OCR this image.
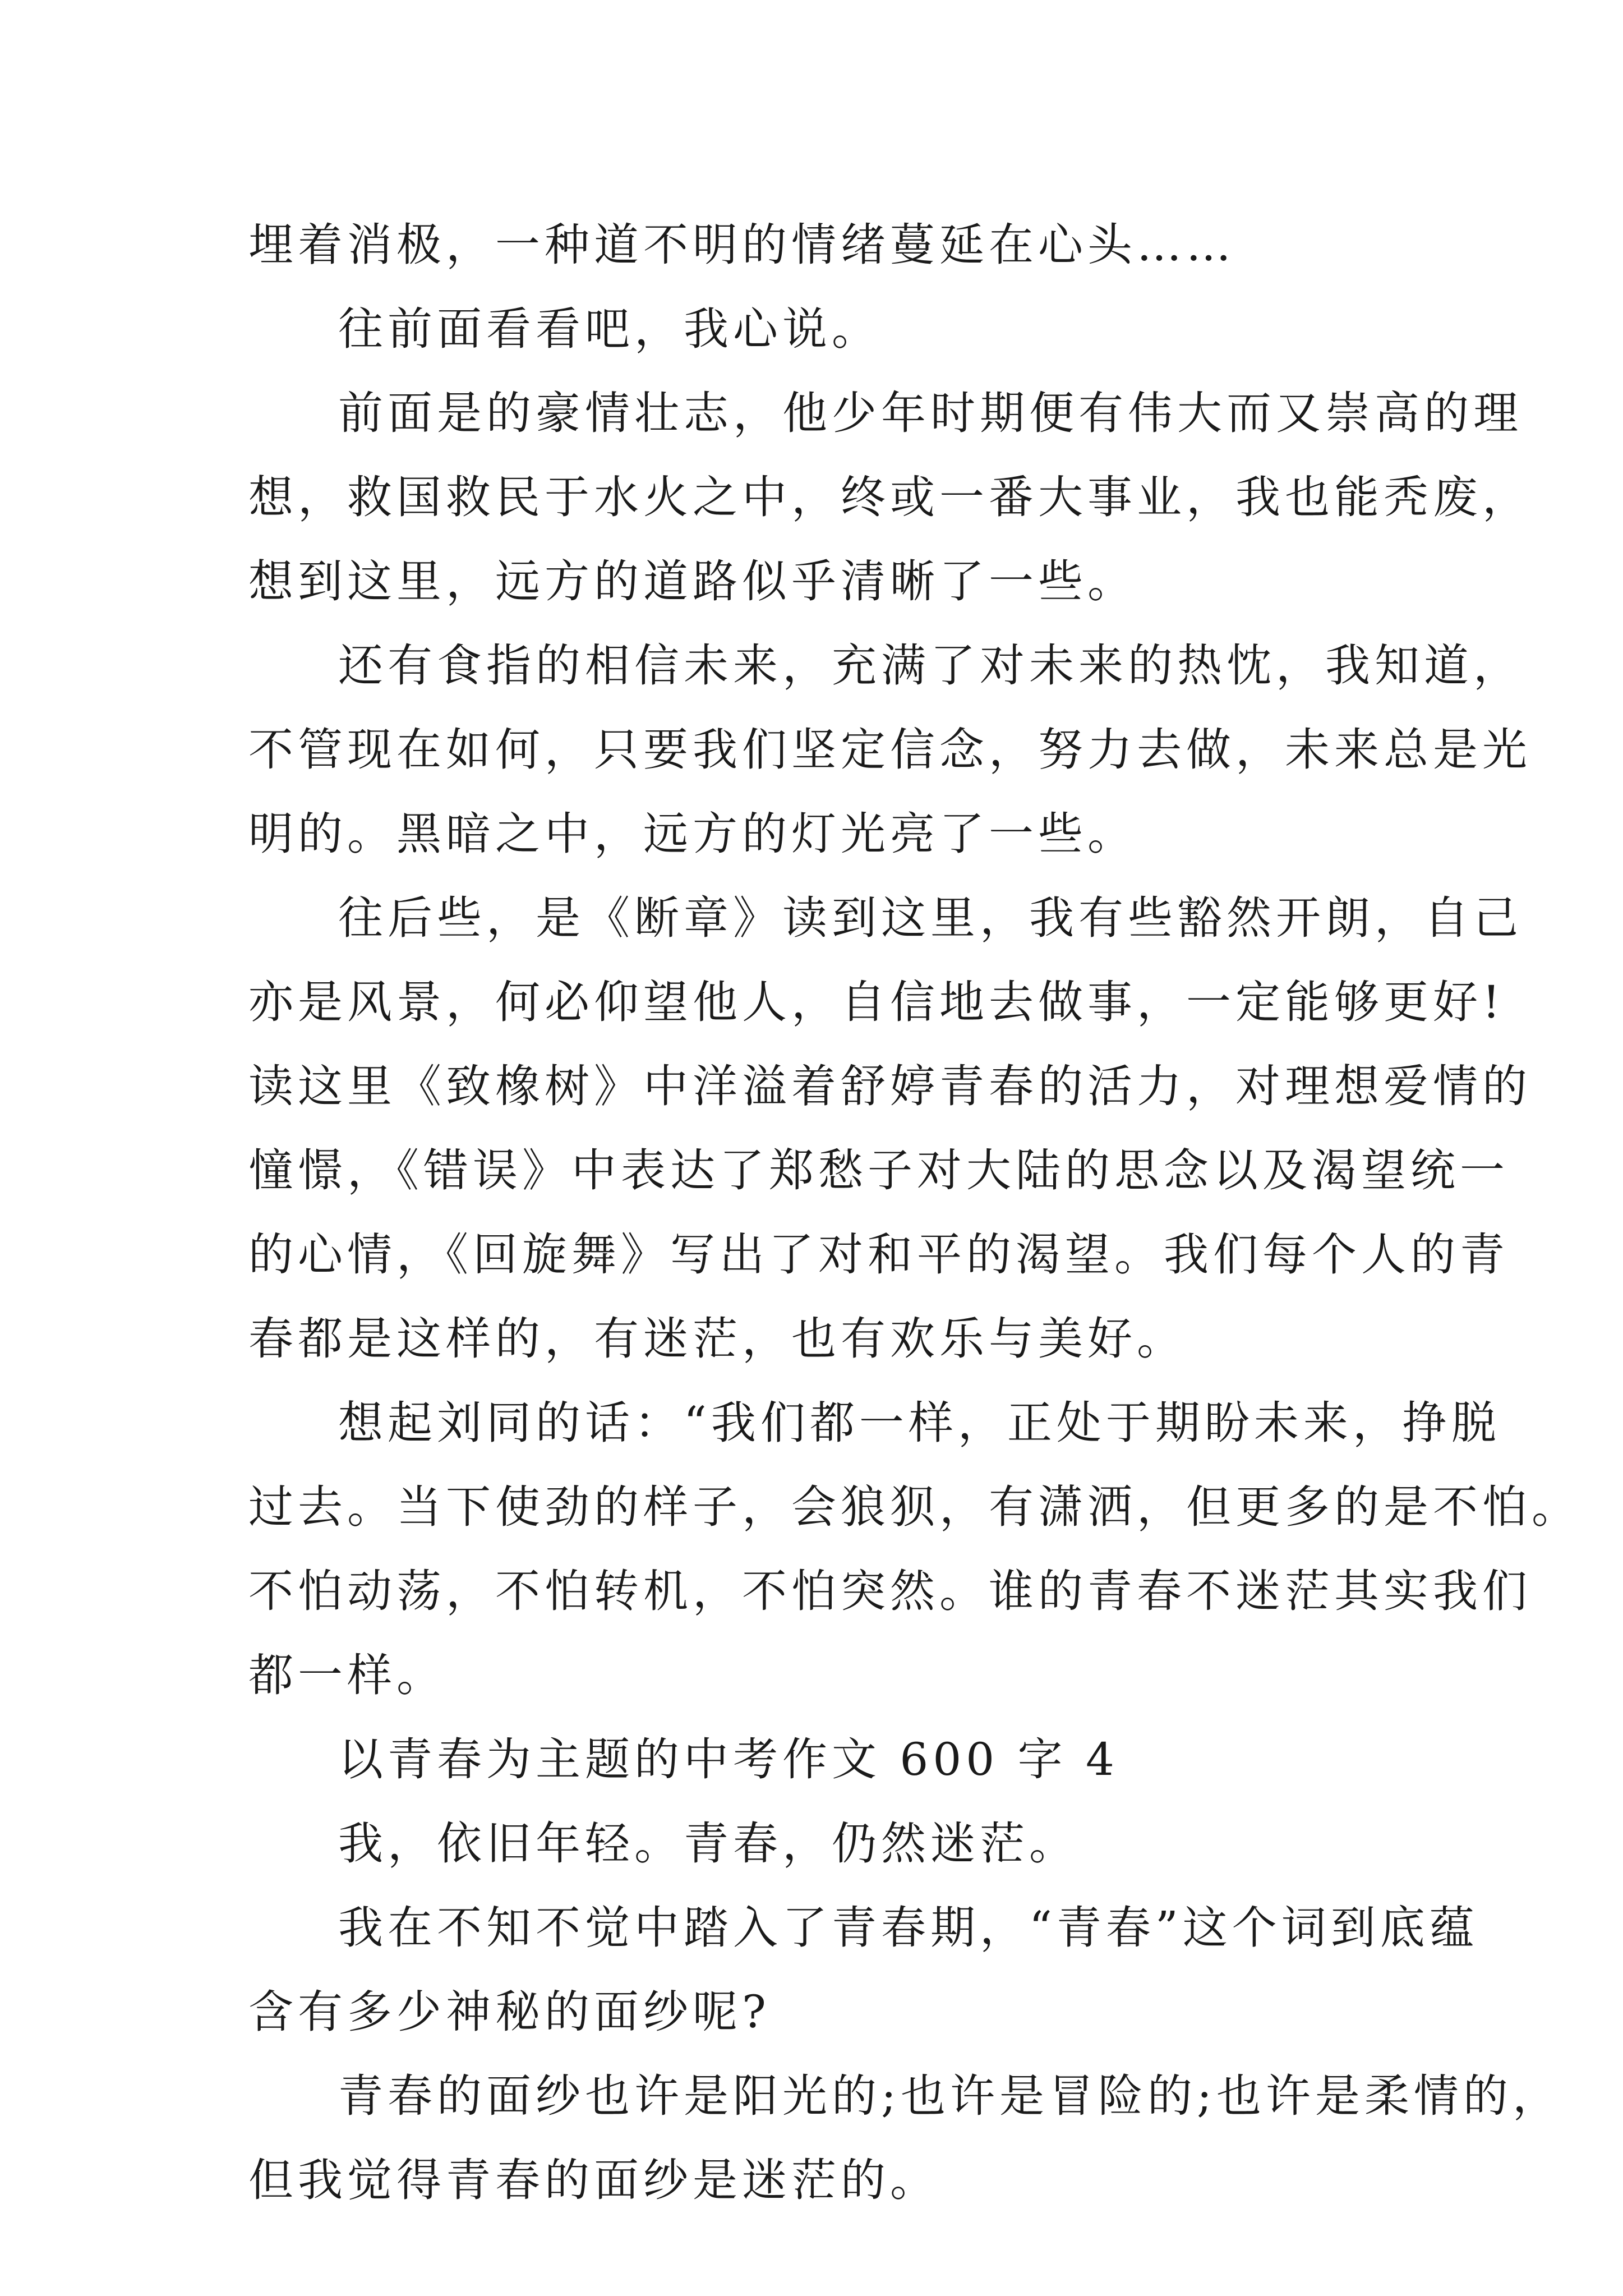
埋着消极，一种道不明的情绪蔓延在心头……
往前面看看吧，我心说。
前面是的豪情壮志，他少年时期便有伟大而又崇高的理
想，救国救民于水火之中，终或一番大事业，我也能秃废，
想到这里，远方的道路似乎清晰了一些。
还有食指的相信未来，充满了对未来的热忱，我知道，
不管现在如何，只要我们坚定信念，努力去做，未来总是光
明的。黑暗之中，远方的灯光亮了一些。
往后些，是《断章》读到这里，我有些豁然开朗，自己
亦是风景，何必仰望他人，自信地去做事，一定能够更好!
读这里《致橡树》中洋溢着舒婷青春的活力，对理想爱情的
憧憬，《错误》中表达了郑愁子对大陆的思念以及渴望统一
的心情，《回旋舞》写出了对和平的渴望。我们每个人的青
春都是这样的，有迷茫，也有欢乐与美好。
想起刘同的话：“我们都一样，正处于期盼未来，挣脱
过去。当下使劲的样子，会狼狈，有潇洒，但更多的是不怕。
不怕动荡，不怕转机，不怕突然。谁的青春不迷茫其实我们
都一样。
以青春为主题的中考作文 600 字 4
我，依旧年轻。青春，仍然迷茫。
我在不知不觉中踏入了青春期，“青春”这个词到底蕴
含有多少神秘的面纱呢?
青春的面纱也许是阳光的;也许是冒险的;也许是柔情的，
但我觉得青春的面纱是迷茫的。
